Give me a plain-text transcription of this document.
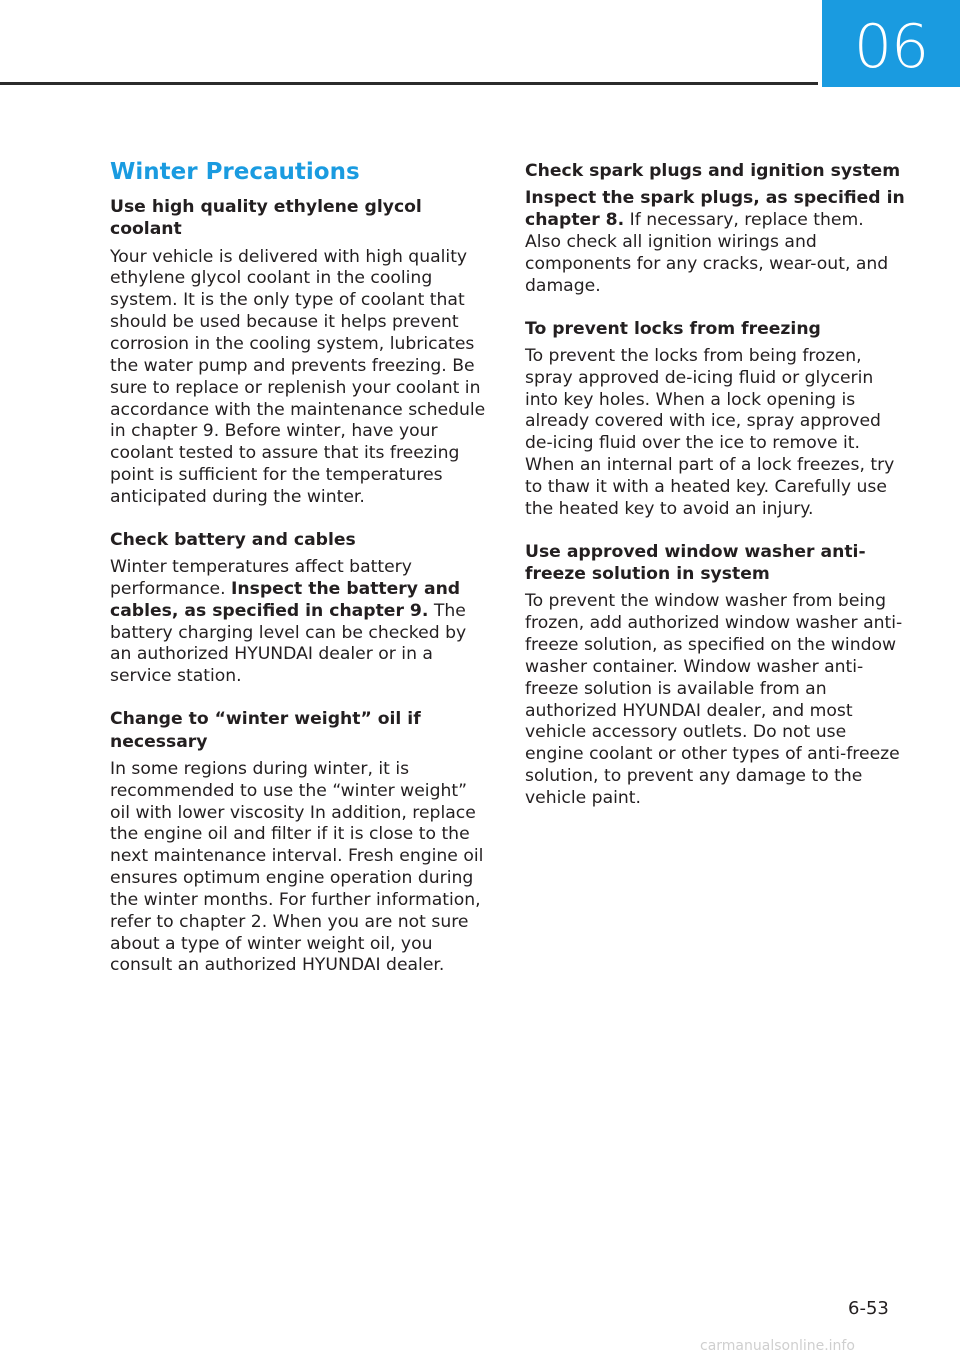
06
Winter Precautions
Use high quality ethylene glycol coolant

Your vehicle is delivered with high quality ethylene glycol coolant in the cooling system. It is the only type of coolant that should be used because it helps prevent corrosion in the cooling system, lubricates the water pump and prevents freezing. Be sure to replace or replenish your coolant in accordance with the maintenance schedule in chapter 9. Before winter, have your coolant tested to assure that its freezing point is sufficient for the temperatures anticipated during the winter.

Check battery and cables

Winter temperatures affect battery performance. Inspect the battery and cables, as specified in chapter 9. The battery charging level can be checked by an authorized HYUNDAI dealer or in a service station.

Change to “winter weight” oil if necessary

In some regions during winter, it is recommended to use the “winter weight” oil with lower viscosity In addition, replace the engine oil and filter if it is close to the next maintenance interval. Fresh engine oil ensures optimum engine operation during the winter months. For further information, refer to chapter 2. When you are not sure about a type of winter weight oil, you consult an authorized HYUNDAI dealer.

Check spark plugs and ignition system

Inspect the spark plugs, as specified in chapter 8. If necessary, replace them. Also check all ignition wirings and components for any cracks, wear-out, and damage.

To prevent locks from freezing

To prevent the locks from being frozen, spray approved de-icing fluid or glycerin into key holes. When a lock opening is already covered with ice, spray approved de-icing fluid over the ice to remove it. When an internal part of a lock freezes, try to thaw it with a heated key. Carefully use the heated key to avoid an injury.

Use approved window washer anti-freeze solution in system

To prevent the window washer from being frozen, add authorized window washer anti-freeze solution, as specified on the window washer container. Window washer anti-freeze solution is available from an authorized HYUNDAI dealer, and most vehicle accessory outlets. Do not use engine coolant or other types of anti-freeze solution, to prevent any damage to the vehicle paint.

6-53
carmanualsonline.info
